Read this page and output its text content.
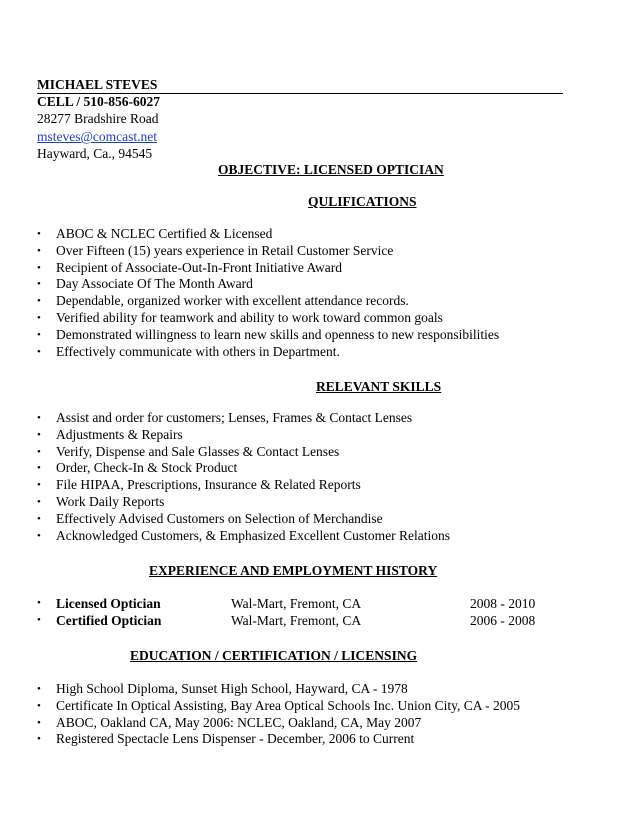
MICHAEL STEVES
CELL / 510-856-6027
28277 Bradshire Road
msteves@comcast.net
Hayward, Ca., 94545
OBJECTIVE: LICENSED OPTICIAN
QULIFICATIONS
• ABOC & NCLEC Certified & Licensed
• Over Fifteen (15) years experience in Retail Customer Service
• Recipient of Associate-Out-In-Front Initiative Award
• Day Associate Of The Month Award
• Dependable, organized worker with excellent attendance records.
• Verified ability for teamwork and ability to work toward common goals
• Demonstrated willingness to learn new skills and openness to new responsibilities
• Effectively communicate with others in Department.
RELEVANT SKILLS
• Assist and order for customers; Lenses, Frames & Contact Lenses
• Adjustments & Repairs
• Verify, Dispense and Sale Glasses & Contact Lenses
• Order, Check-In & Stock Product
• File HIPAA, Prescriptions, Insurance & Related Reports
• Work Daily Reports
• Effectively Advised Customers on Selection of Merchandise
• Acknowledged Customers, & Emphasized Excellent Customer Relations
EXPERIENCE AND EMPLOYMENT HISTORY
• Licensed Optician	Wal-Mart, Fremont, CA	2008 - 2010
• Certified Optician	Wal-Mart, Fremont, CA	2006 - 2008
EDUCATION / CERTIFICATION / LICENSING
• High School Diploma, Sunset High School, Hayward, CA - 1978
• Certificate In Optical Assisting, Bay Area Optical Schools Inc. Union City, CA - 2005
• ABOC, Oakland CA, May 2006: NCLEC, Oakland, CA, May 2007
• Registered Spectacle Lens Dispenser - December, 2006 to Current
